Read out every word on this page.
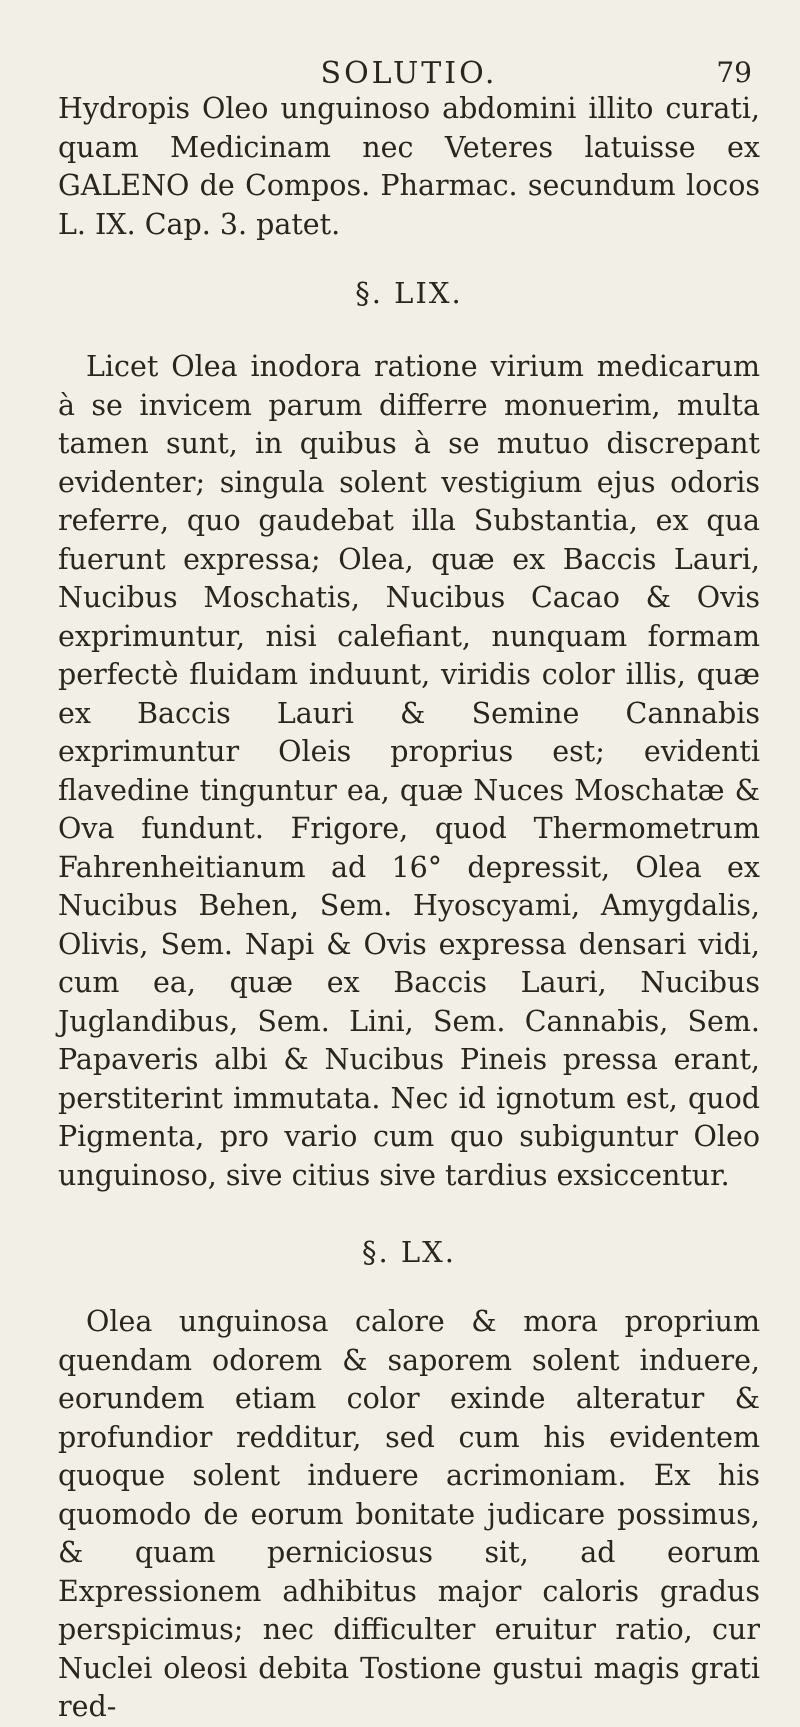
SOLUTIO.	79

Hydropis Oleo unguinoso abdomini illito curati, quam Medicinam nec Veteres latuisse ex GALENO de Compos. Pharmac. secundum locos L. IX. Cap. 3. patet.

§. LIX.

Licet Olea inodora ratione virium medicarum à se invicem parum differre monuerim, multa tamen sunt, in quibus à se mutuo discrepant evidenter; singula solent vestigium ejus odoris referre, quo gaudebat illa Substantia, ex qua fuerunt expressa; Olea, quæ ex Baccis Lauri, Nucibus Moschatis, Nucibus Cacao & Ovis exprimuntur, nisi calefiant, nunquam formam perfectè fluidam induunt, viridis color illis, quæ ex Baccis Lauri & Semine Cannabis exprimuntur Oleis proprius est; evidenti flavedine tinguntur ea, quæ Nuces Moschatæ & Ova fundunt. Frigore, quod Thermometrum Fahrenheitianum ad 16° depressit, Olea ex Nucibus Behen, Sem. Hyoscyami, Amygdalis, Olivis, Sem. Napi & Ovis expressa densari vidi, cum ea, quæ ex Baccis Lauri, Nucibus Juglandibus, Sem. Lini, Sem. Cannabis, Sem. Papaveris albi & Nucibus Pineis pressa erant, perstiterint immutata. Nec id ignotum est, quod Pigmenta, pro vario cum quo subiguntur Oleo unguinoso, sive citius sive tardius exsiccentur.

§. LX.

Olea unguinosa calore & mora proprium quendam odorem & saporem solent induere, eorundem etiam color exinde alteratur & profundior redditur, sed cum his evidentem quoque solent induere acrimoniam. Ex his quomodo de eorum bonitate judicare possimus, & quam perniciosus sit, ad eorum Expressionem adhibitus major caloris gradus perspicimus; nec difficulter eruitur ratio, cur Nuclei oleosi debita Tostione gustui magis grati red-
